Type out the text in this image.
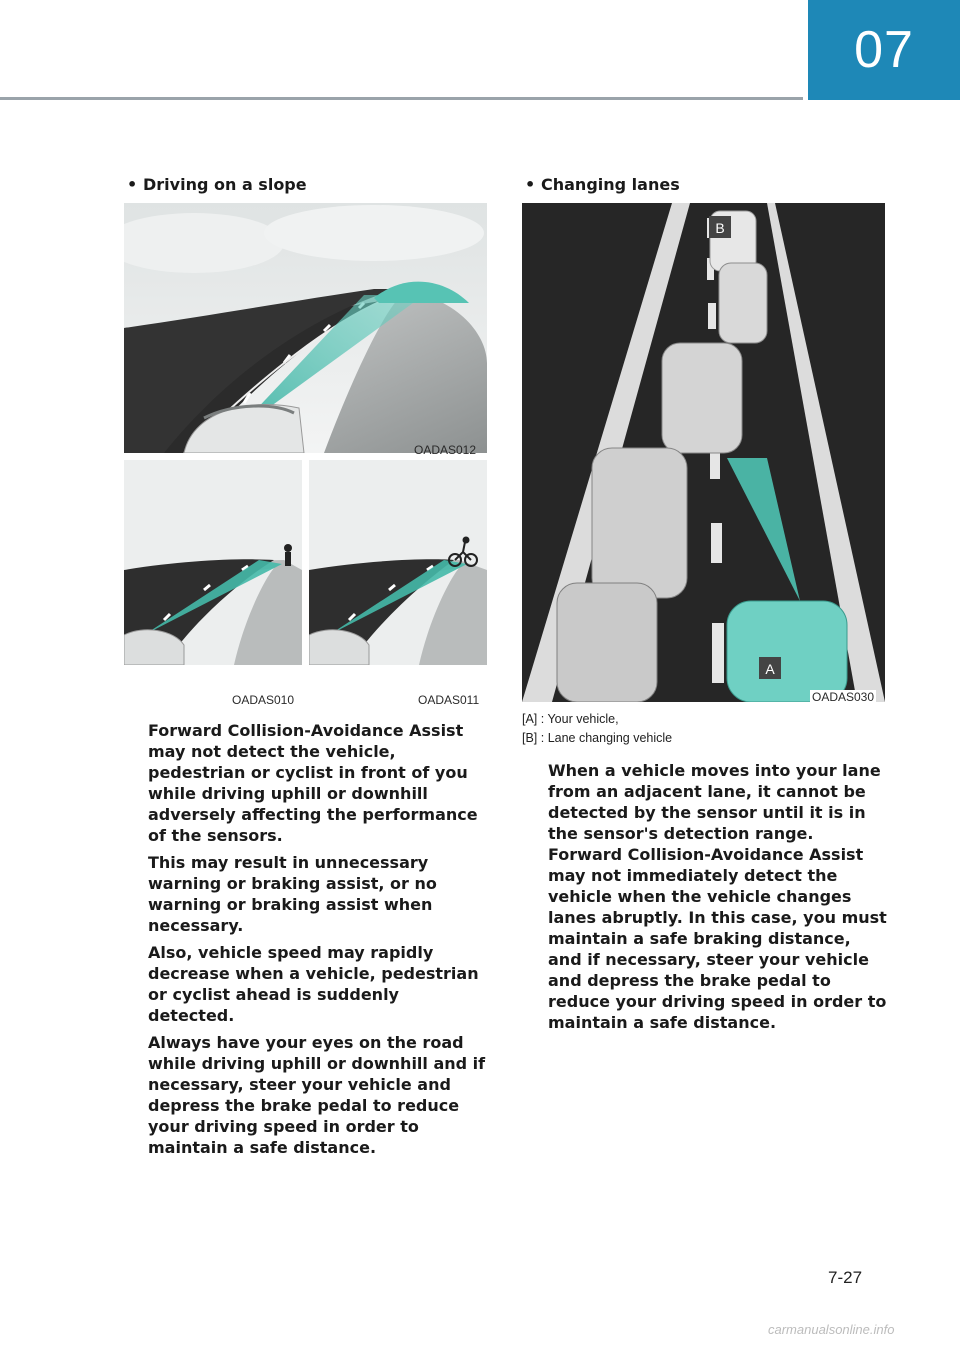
07
• Driving on a slope
OADAS012
OADAS010	OADAS011

Forward Collision-Avoidance Assist may not detect the vehicle, pedestrian or cyclist in front of you while driving uphill or downhill adversely affecting the performance of the sensors.

This may result in unnecessary warning or braking assist, or no warning or braking assist when necessary.

Also, vehicle speed may rapidly decrease when a vehicle, pedestrian or cyclist ahead is suddenly detected.

Always have your eyes on the road while driving uphill or downhill and if necessary, steer your vehicle and depress the brake pedal to reduce your driving speed in order to maintain a safe distance.

• Changing lanes
B
A
OADAS030
[A] : Your vehicle,
[B] : Lane changing vehicle

When a vehicle moves into your lane from an adjacent lane, it cannot be detected by the sensor until it is in the sensor's detection range. Forward Collision-Avoidance Assist may not immediately detect the vehicle when the vehicle changes lanes abruptly. In this case, you must maintain a safe braking distance, and if necessary, steer your vehicle and depress the brake pedal to reduce your driving speed in order to maintain a safe distance.

7-27
carmanualsonline.info
